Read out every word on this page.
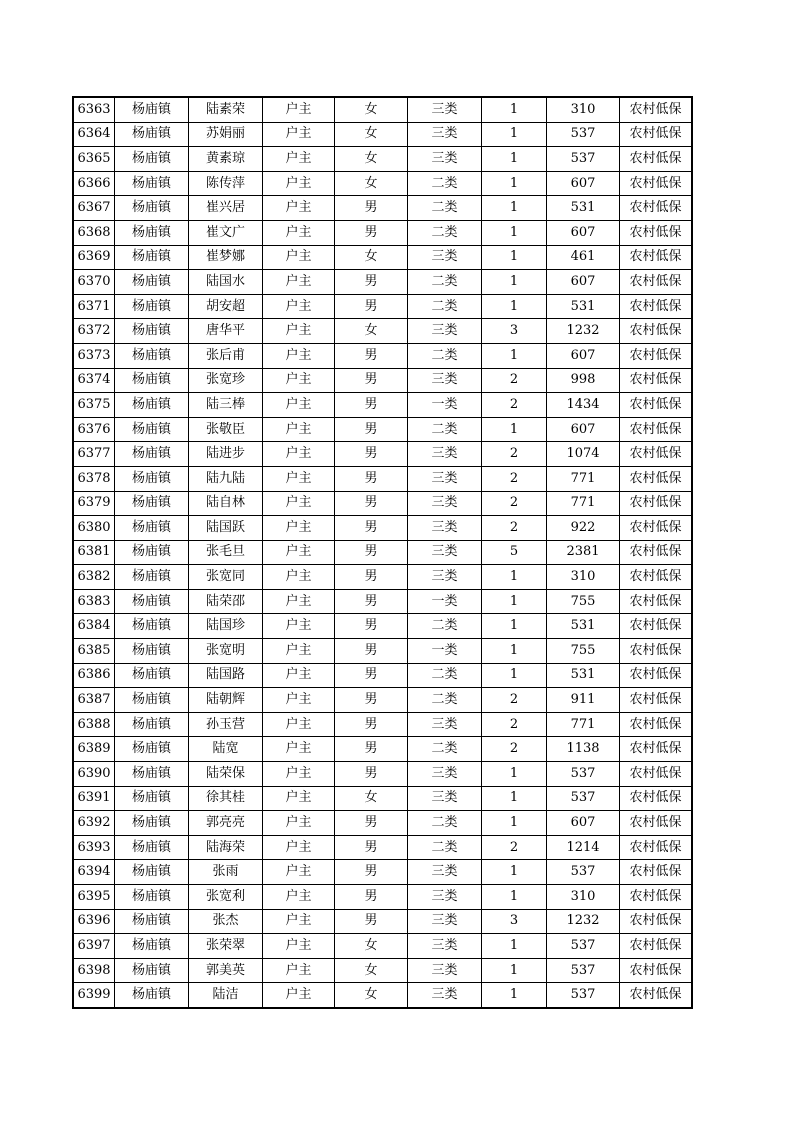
6363	杨庙镇	陆素荣	户主	女	三类	1	310	农村低保
6364	杨庙镇	苏娟丽	户主	女	三类	1	537	农村低保
6365	杨庙镇	黄素琼	户主	女	三类	1	537	农村低保
6366	杨庙镇	陈传萍	户主	女	二类	1	607	农村低保
6367	杨庙镇	崔兴居	户主	男	二类	1	531	农村低保
6368	杨庙镇	崔文广	户主	男	二类	1	607	农村低保
6369	杨庙镇	崔梦娜	户主	女	三类	1	461	农村低保
6370	杨庙镇	陆国水	户主	男	二类	1	607	农村低保
6371	杨庙镇	胡安超	户主	男	二类	1	531	农村低保
6372	杨庙镇	唐华平	户主	女	三类	3	1232	农村低保
6373	杨庙镇	张后甫	户主	男	二类	1	607	农村低保
6374	杨庙镇	张宽珍	户主	男	三类	2	998	农村低保
6375	杨庙镇	陆三棒	户主	男	一类	2	1434	农村低保
6376	杨庙镇	张敬臣	户主	男	二类	1	607	农村低保
6377	杨庙镇	陆进步	户主	男	三类	2	1074	农村低保
6378	杨庙镇	陆九陆	户主	男	三类	2	771	农村低保
6379	杨庙镇	陆自林	户主	男	三类	2	771	农村低保
6380	杨庙镇	陆国跃	户主	男	三类	2	922	农村低保
6381	杨庙镇	张毛旦	户主	男	三类	5	2381	农村低保
6382	杨庙镇	张宽同	户主	男	三类	1	310	农村低保
6383	杨庙镇	陆荣邵	户主	男	一类	1	755	农村低保
6384	杨庙镇	陆国珍	户主	男	二类	1	531	农村低保
6385	杨庙镇	张宽明	户主	男	一类	1	755	农村低保
6386	杨庙镇	陆国路	户主	男	二类	1	531	农村低保
6387	杨庙镇	陆朝辉	户主	男	二类	2	911	农村低保
6388	杨庙镇	孙玉营	户主	男	三类	2	771	农村低保
6389	杨庙镇	陆宽	户主	男	二类	2	1138	农村低保
6390	杨庙镇	陆荣保	户主	男	三类	1	537	农村低保
6391	杨庙镇	徐其桂	户主	女	三类	1	537	农村低保
6392	杨庙镇	郭亮亮	户主	男	二类	1	607	农村低保
6393	杨庙镇	陆海荣	户主	男	二类	2	1214	农村低保
6394	杨庙镇	张雨	户主	男	三类	1	537	农村低保
6395	杨庙镇	张宽利	户主	男	三类	1	310	农村低保
6396	杨庙镇	张杰	户主	男	三类	3	1232	农村低保
6397	杨庙镇	张荣翠	户主	女	三类	1	537	农村低保
6398	杨庙镇	郭美英	户主	女	三类	1	537	农村低保
6399	杨庙镇	陆洁	户主	女	三类	1	537	农村低保
